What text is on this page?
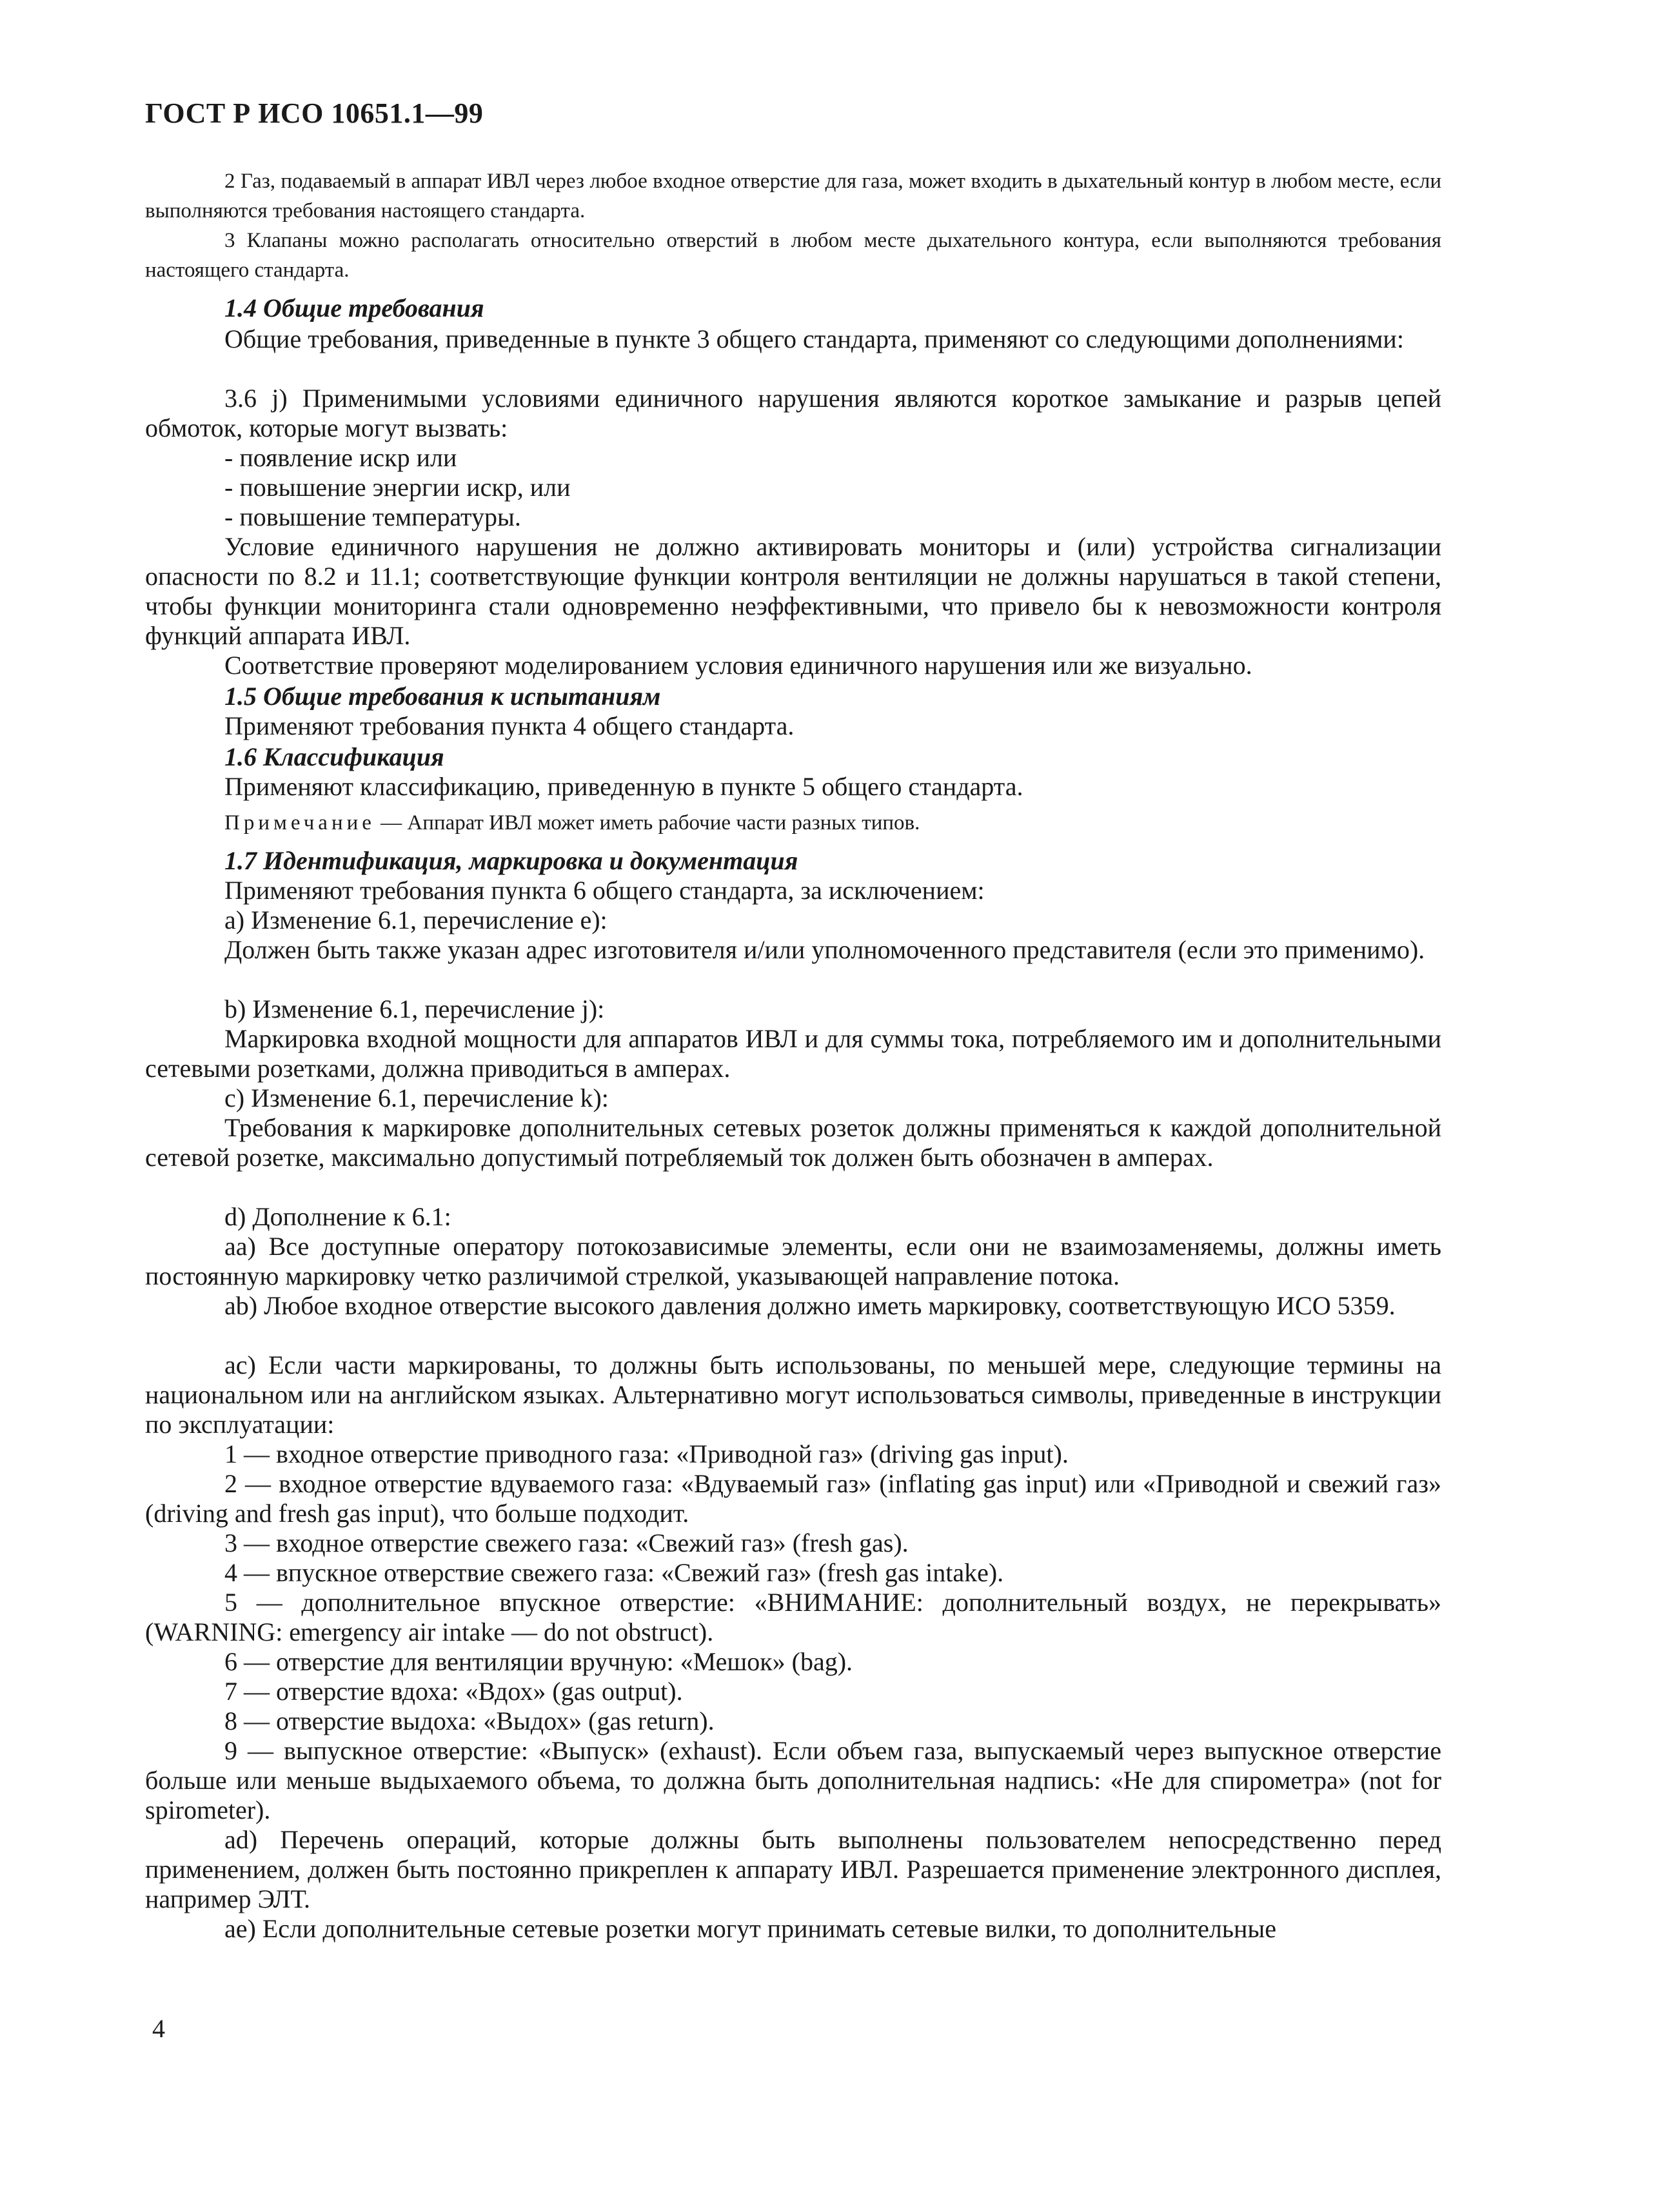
ГОСТ Р ИСО 10651.1—99

2 Газ, подаваемый в аппарат ИВЛ через любое входное отверстие для газа, может входить в дыхательный контур в любом месте, если выполняются требования настоящего стандарта.

3 Клапаны можно располагать относительно отверстий в любом месте дыхательного контура, если выполняются требования настоящего стандарта.

1.4 Общие требования

Общие требования, приведенные в пункте 3 общего стандарта, применяют со следующими дополнениями:

3.6 j) Применимыми условиями единичного нарушения являются короткое замыкание и разрыв цепей обмоток, которые могут вызвать:

- появление искр или

- повышение энергии искр, или

- повышение температуры.

Условие единичного нарушения не должно активировать мониторы и (или) устройства сигнализации опасности по 8.2 и 11.1; соответствующие функции контроля вентиляции не должны нарушаться в такой степени, чтобы функции мониторинга стали одновременно неэффективными, что привело бы к невозможности контроля функций аппарата ИВЛ.

Соответствие проверяют моделированием условия единичного нарушения или же визуально.

1.5 Общие требования к испытаниям

Применяют требования пункта 4 общего стандарта.

1.6 Классификация

Применяют классификацию, приведенную в пункте 5 общего стандарта.

Примечание — Аппарат ИВЛ может иметь рабочие части разных типов.

1.7 Идентификация, маркировка и документация

Применяют требования пункта 6 общего стандарта, за исключением:

а) Изменение 6.1, перечисление е):

Должен быть также указан адрес изготовителя и/или уполномоченного представителя (если это применимо).

b) Изменение 6.1, перечисление j):

Маркировка входной мощности для аппаратов ИВЛ и для суммы тока, потребляемого им и дополнительными сетевыми розетками, должна приводиться в амперах.

с) Изменение 6.1, перечисление k):

Требования к маркировке дополнительных сетевых розеток должны применяться к каждой дополнительной сетевой розетке, максимально допустимый потребляемый ток должен быть обозначен в амперах.

d) Дополнение к 6.1:

аа) Все доступные оператору потокозависимые элементы, если они не взаимозаменяемы, должны иметь постоянную маркировку четко различимой стрелкой, указывающей направление потока.

ab) Любое входное отверстие высокого давления должно иметь маркировку, соответствующую ИСО 5359.

ас) Если части маркированы, то должны быть использованы, по меньшей мере, следующие термины на национальном или на английском языках. Альтернативно могут использоваться символы, приведенные в инструкции по эксплуатации:

1 — входное отверстие приводного газа: «Приводной газ» (driving gas input).

2 — входное отверстие вдуваемого газа: «Вдуваемый газ» (inflating gas input) или «Приводной и свежий газ» (driving and fresh gas input), что больше подходит.

3 — входное отверстие свежего газа: «Свежий газ» (fresh gas).

4 — впускное отверствие свежего газа: «Свежий газ» (fresh gas intake).

5 — дополнительное впускное отверстие: «ВНИМАНИЕ: дополнительный воздух, не перекрывать» (WARNING: emergency air intake — do not obstruct).

6 — отверстие для вентиляции вручную: «Мешок» (bag).

7 — отверстие вдоха: «Вдох» (gas output).

8 — отверстие выдоха: «Выдох» (gas return).

9 — выпускное отверстие: «Выпуск» (exhaust). Если объем газа, выпускаемый через выпускное отверстие больше или меньше выдыхаемого объема, то должна быть дополнительная надпись: «Не для спирометра» (not for spirometer).

ad) Перечень операций, которые должны быть выполнены пользователем непосредственно перед применением, должен быть постоянно прикреплен к аппарату ИВЛ. Разрешается применение электронного дисплея, например ЭЛТ.

ае) Если дополнительные сетевые розетки могут принимать сетевые вилки, то дополнительные

4
